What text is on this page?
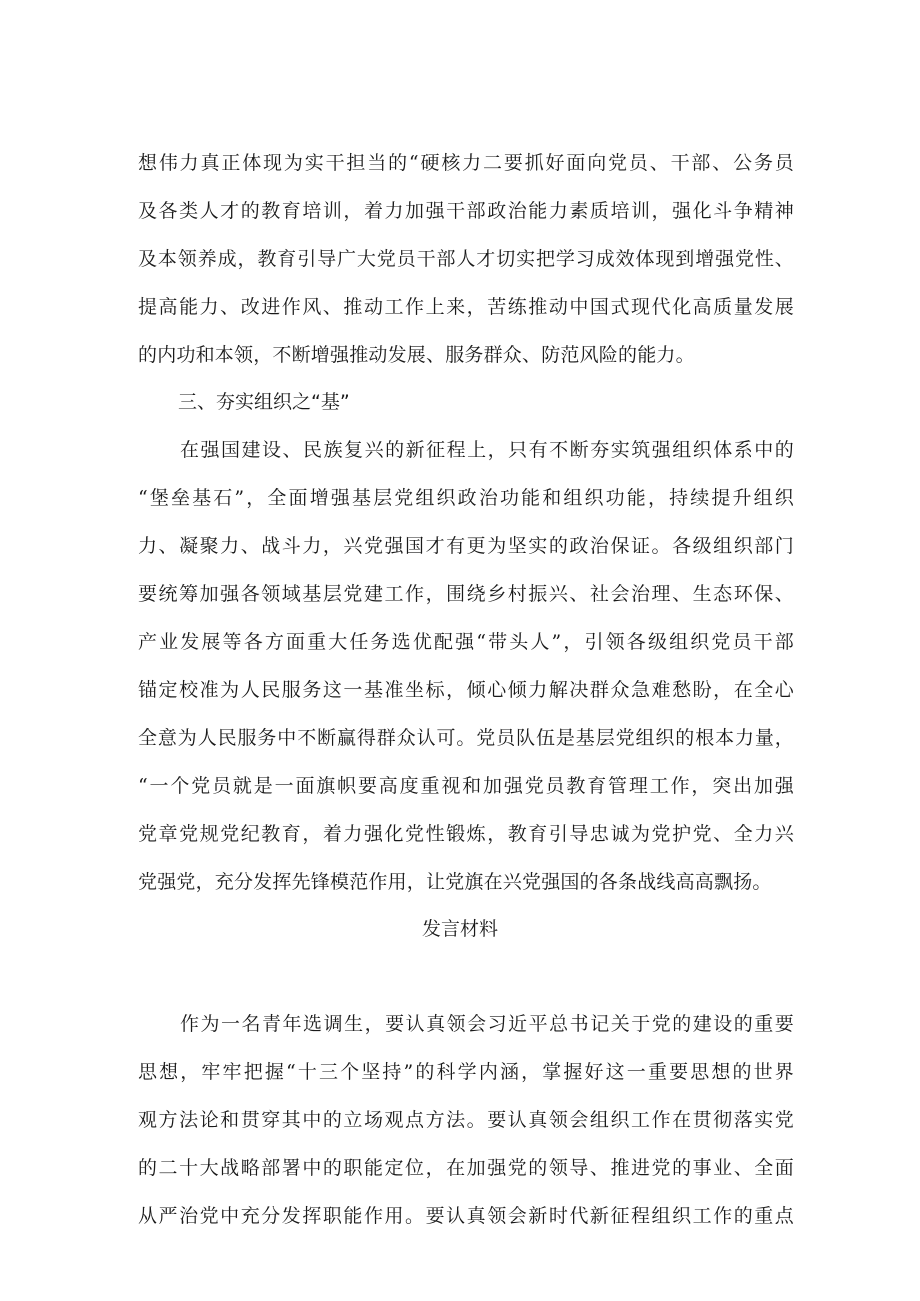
想伟力真正体现为实干担当的“硬核力二要抓好面向党员、干部、公务员
及各类人才的教育培训，着力加强干部政治能力素质培训，强化斗争精神
及本领养成，教育引导广大党员干部人才切实把学习成效体现到增强党性、
提高能力、改进作风、推动工作上来，苦练推动中国式现代化高质量发展
的内功和本领，不断增强推动发展、服务群众、防范风险的能力。
三、夯实组织之“基”
在强国建设、民族复兴的新征程上，只有不断夯实筑强组织体系中的
“堡垒基石”，全面增强基层党组织政治功能和组织功能，持续提升组织
力、凝聚力、战斗力，兴党强国才有更为坚实的政治保证。各级组织部门
要统筹加强各领域基层党建工作，围绕乡村振兴、社会治理、生态环保、
产业发展等各方面重大任务选优配强“带头人”，引领各级组织党员干部
锚定校准为人民服务这一基准坐标，倾心倾力解决群众急难愁盼，在全心
全意为人民服务中不断赢得群众认可。党员队伍是基层党组织的根本力量，
“一个党员就是一面旗帜要高度重视和加强党员教育管理工作，突出加强
党章党规党纪教育，着力强化党性锻炼，教育引导忠诚为党护党、全力兴
党强党，充分发挥先锋模范作用，让党旗在兴党强国的各条战线高高飘扬。
发言材料
作为一名青年选调生，要认真领会习近平总书记关于党的建设的重要
思想，牢牢把握“十三个坚持”的科学内涵，掌握好这一重要思想的世界
观方法论和贯穿其中的立场观点方法。要认真领会组织工作在贯彻落实党
的二十大战略部署中的职能定位，在加强党的领导、推进党的事业、全面
从严治党中充分发挥职能作用。要认真领会新时代新征程组织工作的重点
